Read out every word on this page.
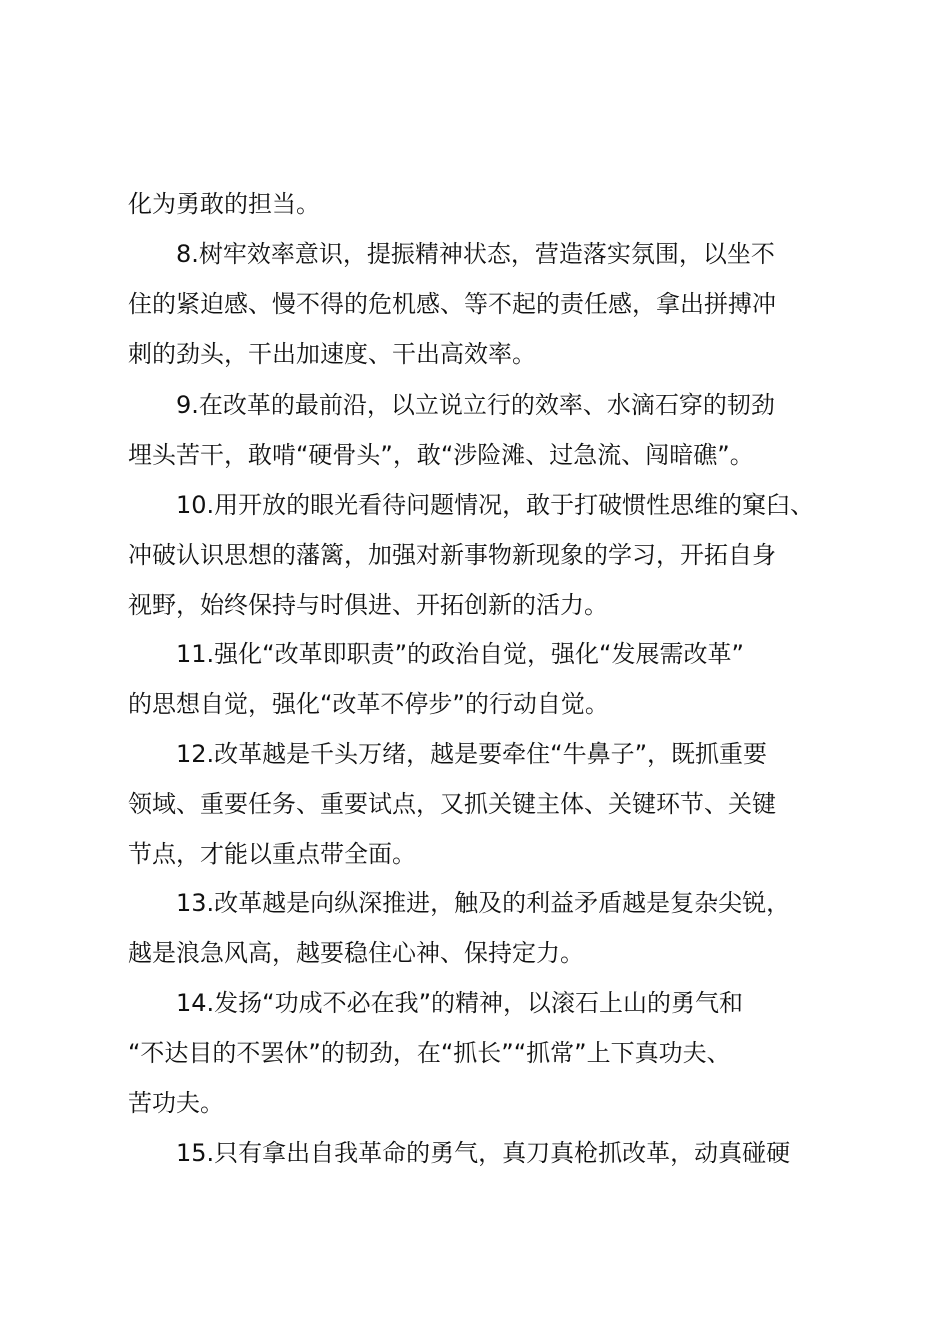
化为勇敢的担当。
8.树牢效率意识，提振精神状态，营造落实氛围，以坐不
住的紧迫感、慢不得的危机感、等不起的责任感，拿出拼搏冲
刺的劲头，干出加速度、干出高效率。
9.在改革的最前沿，以立说立行的效率、水滴石穿的韧劲
埋头苦干，敢啃“硬骨头”，敢“涉险滩、过急流、闯暗礁”。
10.用开放的眼光看待问题情况，敢于打破惯性思维的窠臼、
冲破认识思想的藩篱，加强对新事物新现象的学习，开拓自身
视野，始终保持与时俱进、开拓创新的活力。
11.强化“改革即职责”的政治自觉，强化“发展需改革”
的思想自觉，强化“改革不停步”的行动自觉。
12.改革越是千头万绪，越是要牵住“牛鼻子”，既抓重要
领域、重要任务、重要试点，又抓关键主体、关键环节、关键
节点，才能以重点带全面。
13.改革越是向纵深推进，触及的利益矛盾越是复杂尖锐，
越是浪急风高，越要稳住心神、保持定力。
14.发扬“功成不必在我”的精神，以滚石上山的勇气和
“不达目的不罢休”的韧劲，在“抓长”“抓常”上下真功夫、
苦功夫。
15.只有拿出自我革命的勇气，真刀真枪抓改革，动真碰硬
